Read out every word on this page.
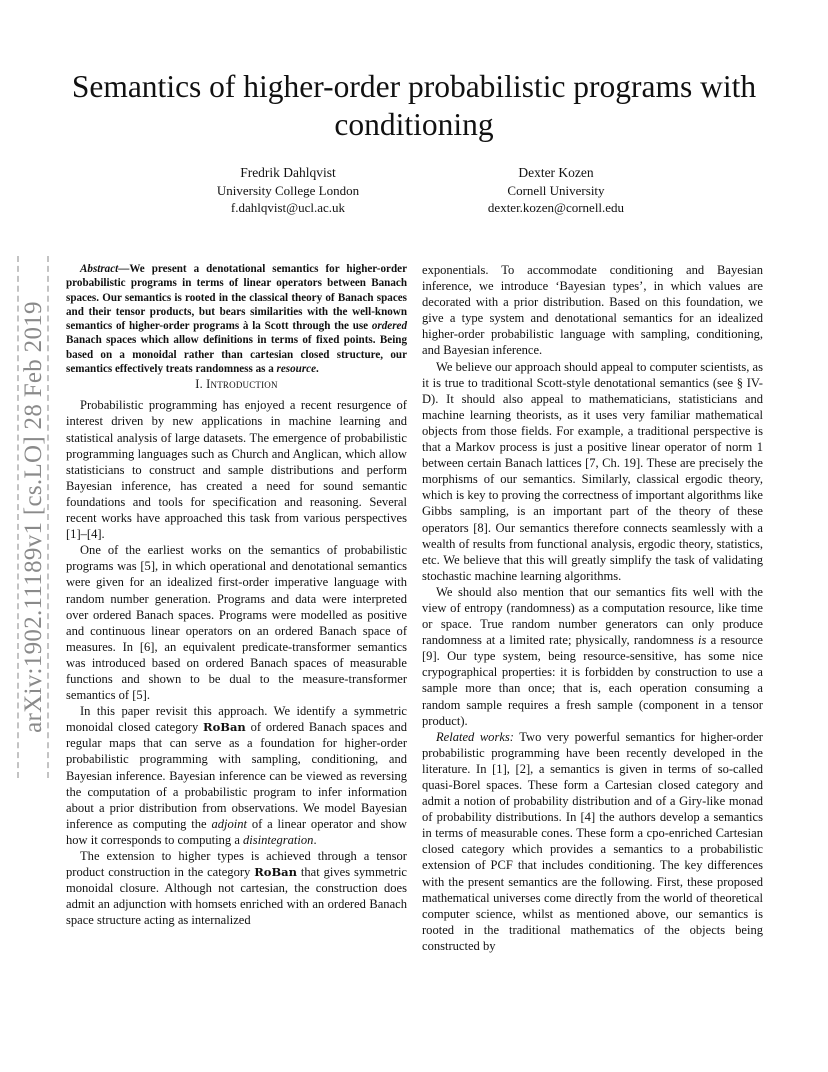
arXiv:1902.11189v1 [cs.LO] 28 Feb 2019
Semantics of higher-order probabilistic programs with conditioning
Fredrik Dahlqvist
University College London
f.dahlqvist@ucl.ac.uk
Dexter Kozen
Cornell University
dexter.kozen@cornell.edu

Abstract—We present a denotational semantics for higher-order probabilistic programs in terms of linear operators between Banach spaces. Our semantics is rooted in the classical theory of Banach spaces and their tensor products, but bears similarities with the well-known semantics of higher-order programs à la Scott through the use ordered Banach spaces which allow definitions in terms of fixed points. Being based on a monoidal rather than cartesian closed structure, our semantics effectively treats randomness as a resource.

I. Introduction

Probabilistic programming has enjoyed a recent resurgence of interest driven by new applications in machine learning and statistical analysis of large datasets. The emergence of probabilistic programming languages such as Church and Anglican, which allow statisticians to construct and sample distributions and perform Bayesian inference, has created a need for sound semantic foundations and tools for specification and reasoning. Several recent works have approached this task from various perspectives [1]–[4].

One of the earliest works on the semantics of probabilistic programs was [5], in which operational and denotational semantics were given for an idealized first-order imperative language with random number generation. Programs and data were interpreted over ordered Banach spaces. Programs were modelled as positive and continuous linear operators on an ordered Banach space of measures. In [6], an equivalent predicate-transformer semantics was introduced based on ordered Banach spaces of measurable functions and shown to be dual to the measure-transformer semantics of [5].

In this paper revisit this approach. We identify a symmetric monoidal closed category RoBan of ordered Banach spaces and regular maps that can serve as a foundation for higher-order probabilistic programming with sampling, conditioning, and Bayesian inference. Bayesian inference can be viewed as reversing the computation of a probabilistic program to infer information about a prior distribution from observations. We model Bayesian inference as computing the adjoint of a linear operator and show how it corresponds to computing a disintegration.

The extension to higher types is achieved through a tensor product construction in the category RoBan that gives symmetric monoidal closure. Although not cartesian, the construction does admit an adjunction with homsets enriched with an ordered Banach space structure acting as internalized

exponentials. To accommodate conditioning and Bayesian inference, we introduce ‘Bayesian types’, in which values are decorated with a prior distribution. Based on this foundation, we give a type system and denotational semantics for an idealized higher-order probabilistic language with sampling, conditioning, and Bayesian inference.

We believe our approach should appeal to computer scientists, as it is true to traditional Scott-style denotational semantics (see § IV-D). It should also appeal to mathematicians, statisticians and machine learning theorists, as it uses very familiar mathematical objects from those fields. For example, a traditional perspective is that a Markov process is just a positive linear operator of norm 1 between certain Banach lattices [7, Ch. 19]. These are precisely the morphisms of our semantics. Similarly, classical ergodic theory, which is key to proving the correctness of important algorithms like Gibbs sampling, is an important part of the theory of these operators [8]. Our semantics therefore connects seamlessly with a wealth of results from functional analysis, ergodic theory, statistics, etc. We believe that this will greatly simplify the task of validating stochastic machine learning algorithms.

We should also mention that our semantics fits well with the view of entropy (randomness) as a computation resource, like time or space. True random number generators can only produce randomness at a limited rate; physically, randomness is a resource [9]. Our type system, being resource-sensitive, has some nice crypographical properties: it is forbidden by construction to use a sample more than once; that is, each operation consuming a random sample requires a fresh sample (component in a tensor product).

Related works: Two very powerful semantics for higher-order probabilistic programming have been recently developed in the literature. In [1], [2], a semantics is given in terms of so-called quasi-Borel spaces. These form a Cartesian closed category and admit a notion of probability distribution and of a Giry-like monad of probability distributions. In [4] the authors develop a semantics in terms of measurable cones. These form a cpo-enriched Cartesian closed category which provides a semantics to a probabilistic extension of PCF that includes conditioning. The key differences with the present semantics are the following. First, these proposed mathematical universes come directly from the world of theoretical computer science, whilst as mentioned above, our semantics is rooted in the traditional mathematics of the objects being constructed by
